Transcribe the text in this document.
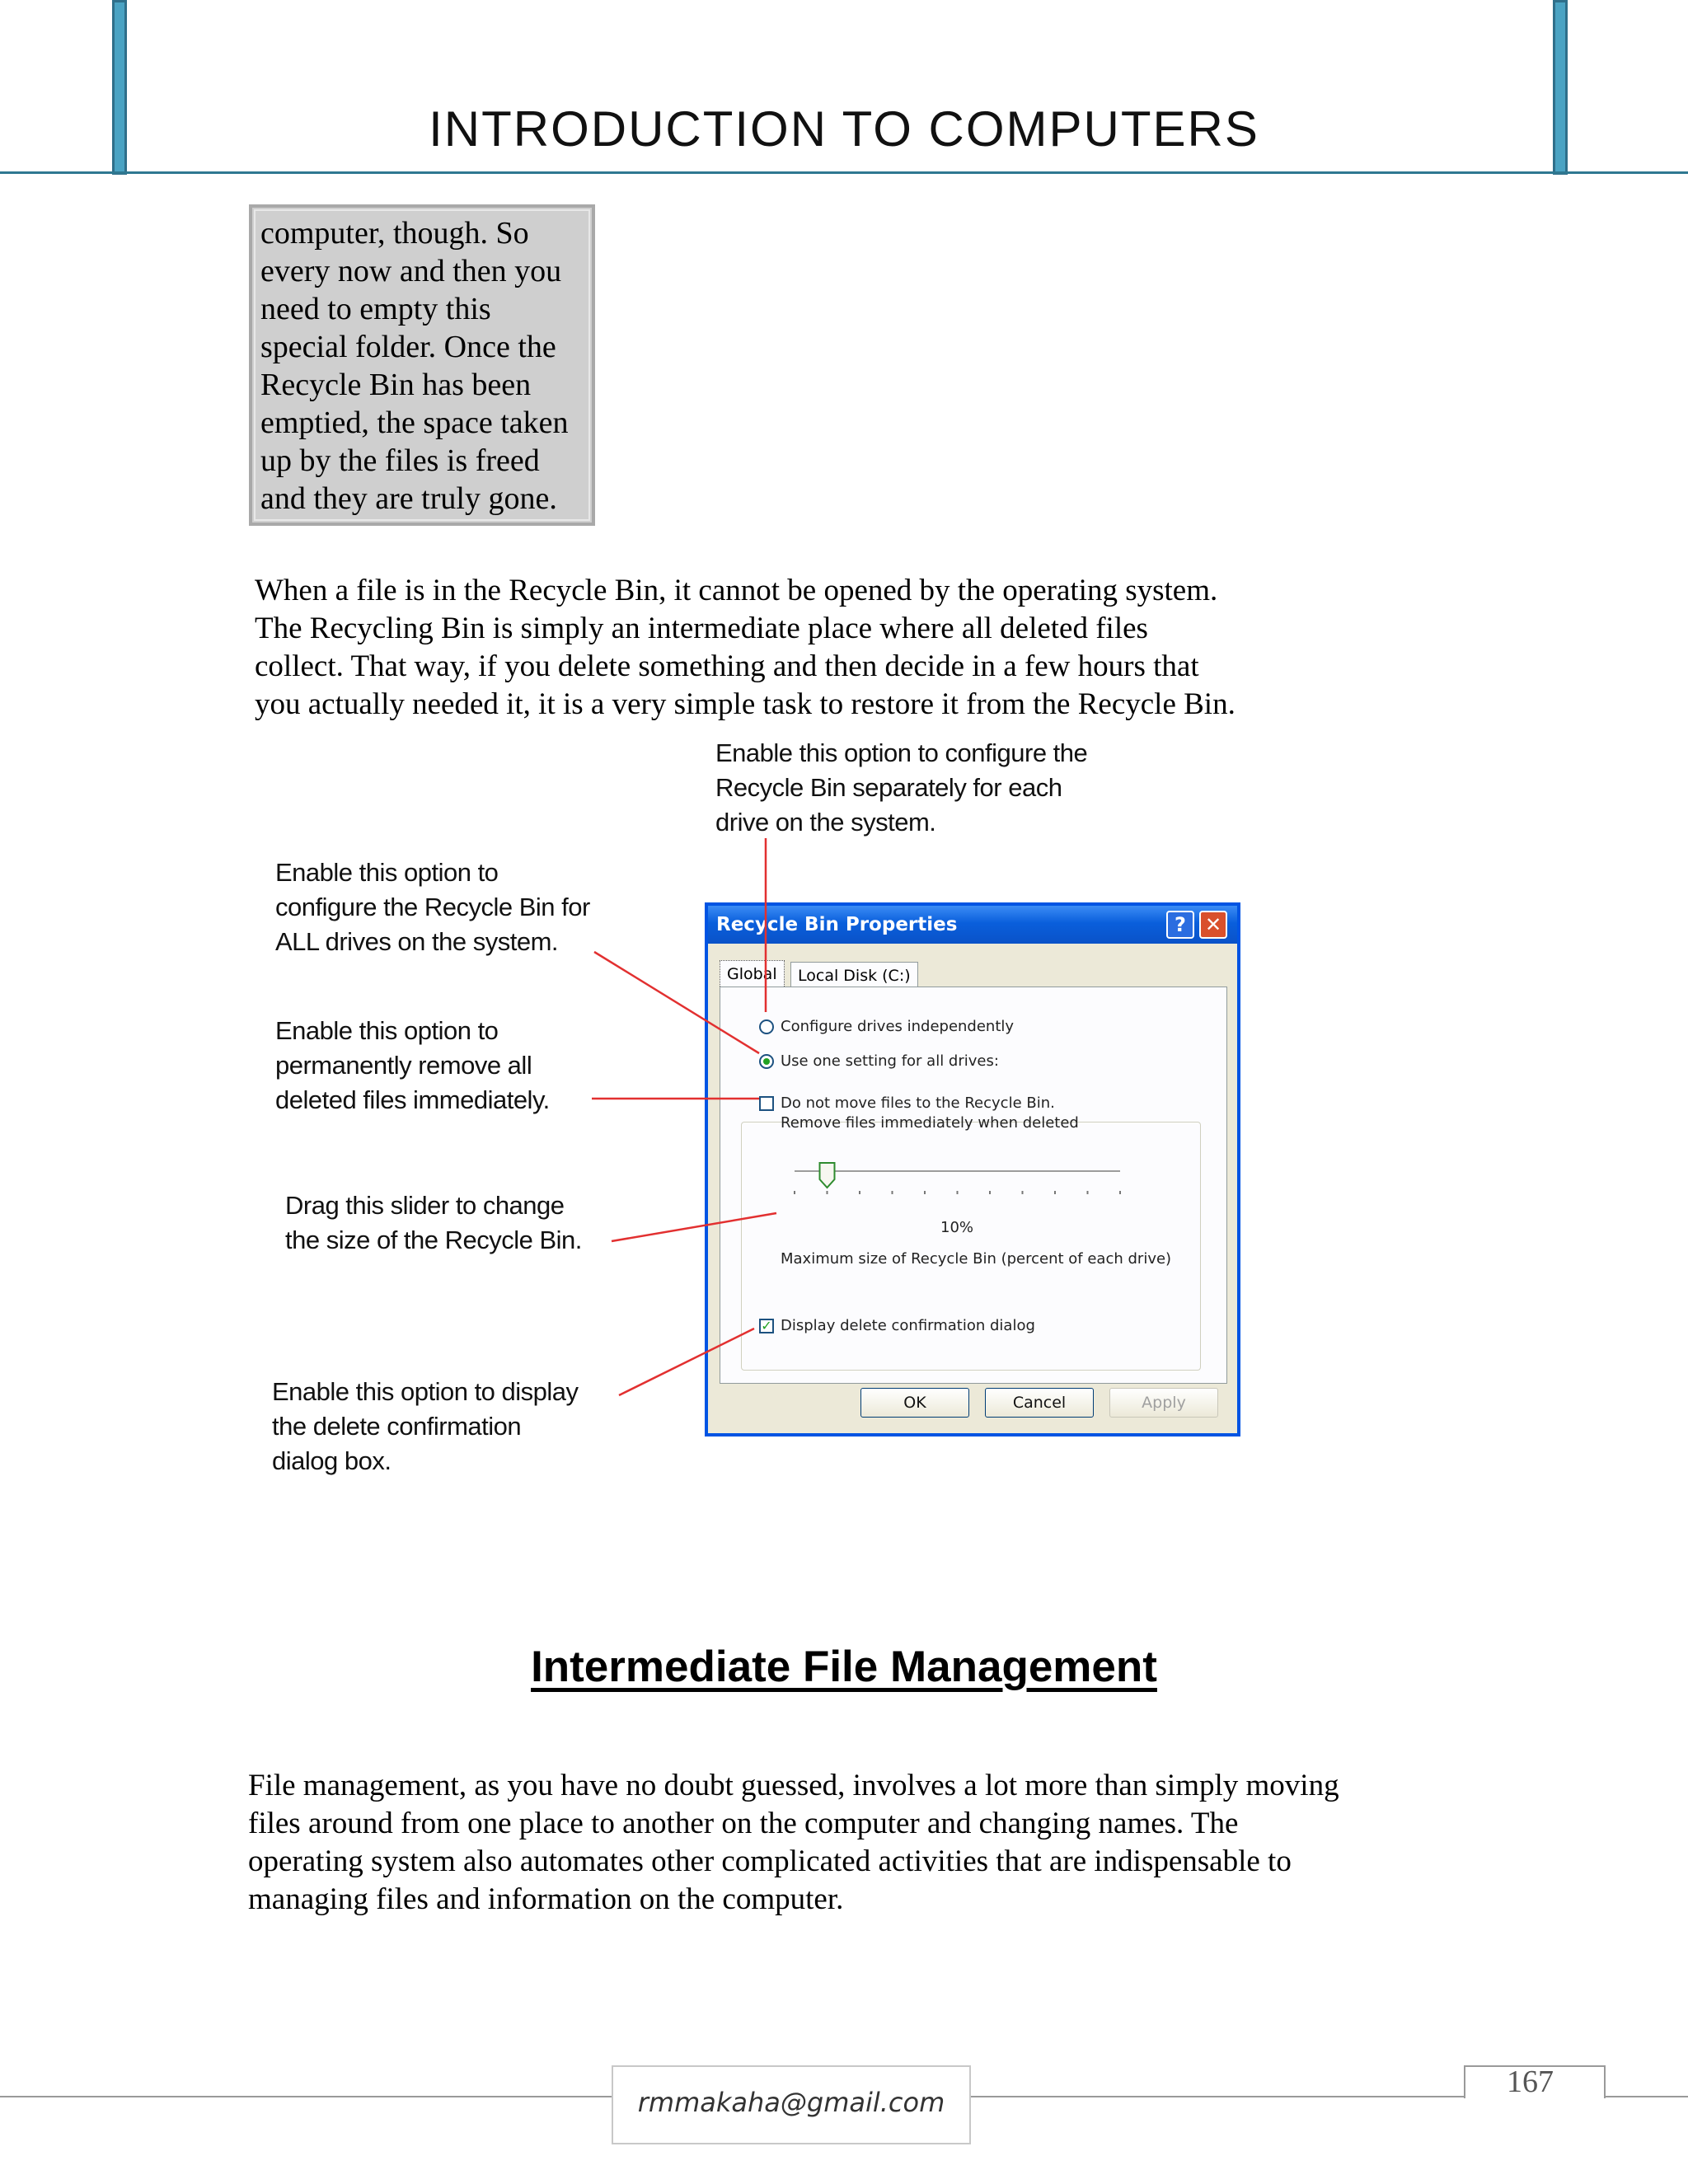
INTRODUCTION TO COMPUTERS

computer, though. So

every now and then you

need to empty this

special folder. Once the

Recycle Bin has been

emptied, the space taken

up by the files is freed

and they are truly gone.

When a file is in the Recycle Bin, it cannot be opened by the operating system.

The Recycling Bin is simply an intermediate place where all deleted files

collect. That way, if you delete something and then decide in a few hours that

you actually needed it, it is a very simple task to restore it from the Recycle Bin.

Enable this option to configure the

Recycle Bin separately for each

drive on the system.

Enable this option to

configure the Recycle Bin for

ALL drives on the system.

Enable this option to

permanently remove all

deleted files immediately.

Drag this slider to change

the size of the Recycle Bin.

Enable this option to display

the delete confirmation

dialog box.

Recycle Bin Properties	? ✕
Global	Local Disk (C:)
Configure drives independently
Use one setting for all drives:
Do not move files to the Recycle Bin.
Remove files immediately when deleted
10%
Maximum size of Recycle Bin (percent of each drive)
✓ Display delete confirmation dialog
OK	Cancel	Apply
Intermediate File Management

File management, as you have no doubt guessed, involves a lot more than simply moving

files around from one place to another on the computer and changing names. The

operating system also automates other complicated activities that are indispensable to

managing files and information on the computer.

rmmakaha@gmail.com
167
